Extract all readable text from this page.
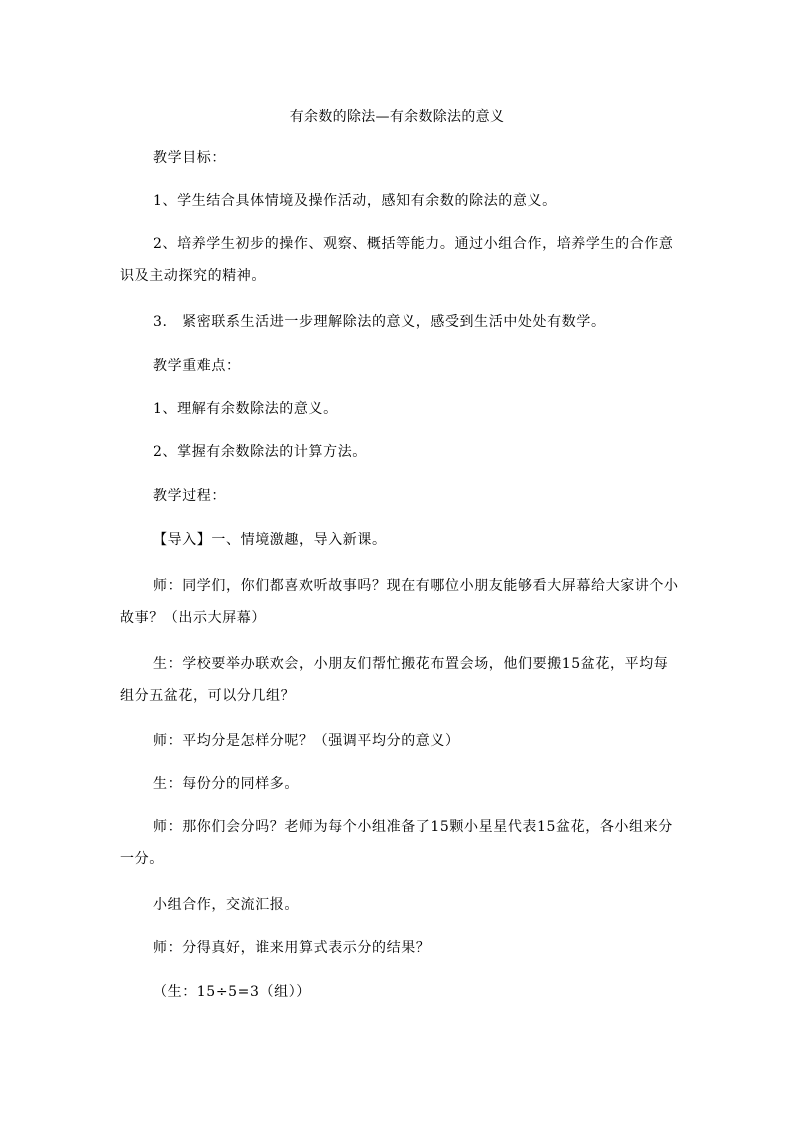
有余数的除法—有余数除法的意义

教学目标：

1、学生结合具体情境及操作活动，感知有余数的除法的意义。

2、培养学生初步的操作、观察、概括等能力。通过小组合作，培养学生的合作意识及主动探究的精神。

3.　紧密联系生活进一步理解除法的意义，感受到生活中处处有数学。

教学重难点：

1、理解有余数除法的意义。

2、掌握有余数除法的计算方法。

教学过程：

【导入】一、情境激趣，导入新课。

师：同学们，你们都喜欢听故事吗？现在有哪位小朋友能够看大屏幕给大家讲个小故事？（出示大屏幕）

生：学校要举办联欢会，小朋友们帮忙搬花布置会场，他们要搬15盆花，平均每组分五盆花，可以分几组？

师：平均分是怎样分呢？（强调平均分的意义）

生：每份分的同样多。

师：那你们会分吗？老师为每个小组准备了15颗小星星代表15盆花，各小组来分一分。

小组合作，交流汇报。

师：分得真好，谁来用算式表示分的结果？

（生：15÷5=3（组））
